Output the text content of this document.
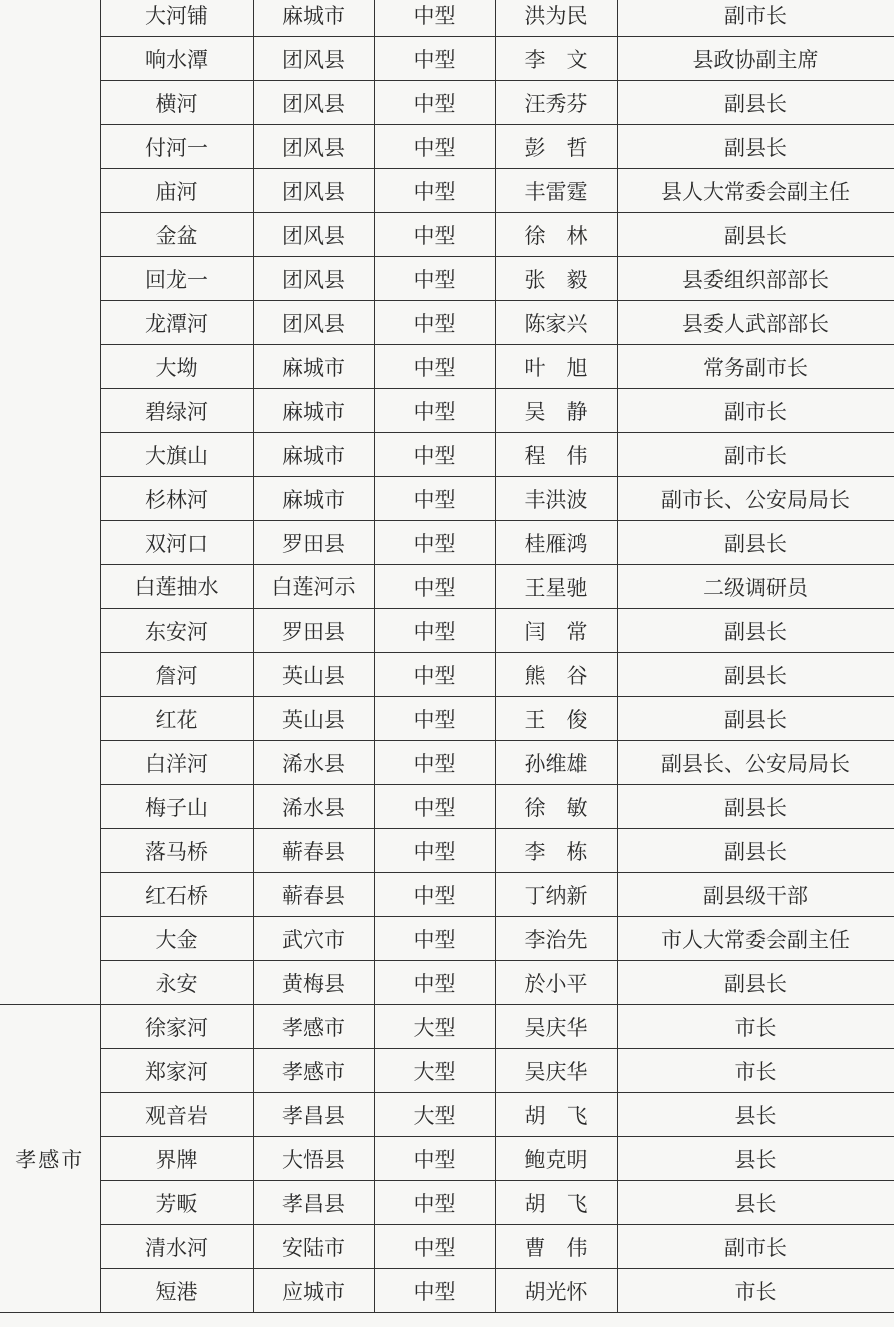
	大河铺	麻城市	中型	洪为民	副市长
	响水潭	团风县	中型	李　文	县政协副主席
	横河	团风县	中型	汪秀芬	副县长
	付河一	团风县	中型	彭　哲	副县长
	庙河	团风县	中型	丰雷霆	县人大常委会副主任
	金盆	团风县	中型	徐　林	副县长
	回龙一	团风县	中型	张　毅	县委组织部部长
	龙潭河	团风县	中型	陈家兴	县委人武部部长
	大坳	麻城市	中型	叶　旭	常务副市长
	碧绿河	麻城市	中型	吴　静	副市长
	大旗山	麻城市	中型	程　伟	副市长
	杉林河	麻城市	中型	丰洪波	副市长、公安局局长
	双河口	罗田县	中型	桂雁鸿	副县长
	白莲抽水	白莲河示	中型	王星驰	二级调研员
	东安河	罗田县	中型	闫　常	副县长
	詹河	英山县	中型	熊　谷	副县长
	红花	英山县	中型	王　俊	副县长
	白洋河	浠水县	中型	孙维雄	副县长、公安局局长
	梅子山	浠水县	中型	徐　敏	副县长
	落马桥	蕲春县	中型	李　栋	副县长
	红石桥	蕲春县	中型	丁纳新	副县级干部
	大金	武穴市	中型	李治先	市人大常委会副主任
	永安	黄梅县	中型	於小平	副县长
孝感市	徐家河	孝感市	大型	吴庆华	市长
	郑家河	孝感市	大型	吴庆华	市长
	观音岩	孝昌县	大型	胡　飞	县长
	界牌	大悟县	中型	鲍克明	县长
	芳畈	孝昌县	中型	胡　飞	县长
	清水河	安陆市	中型	曹　伟	副市长
	短港	应城市	中型	胡光怀	市长
